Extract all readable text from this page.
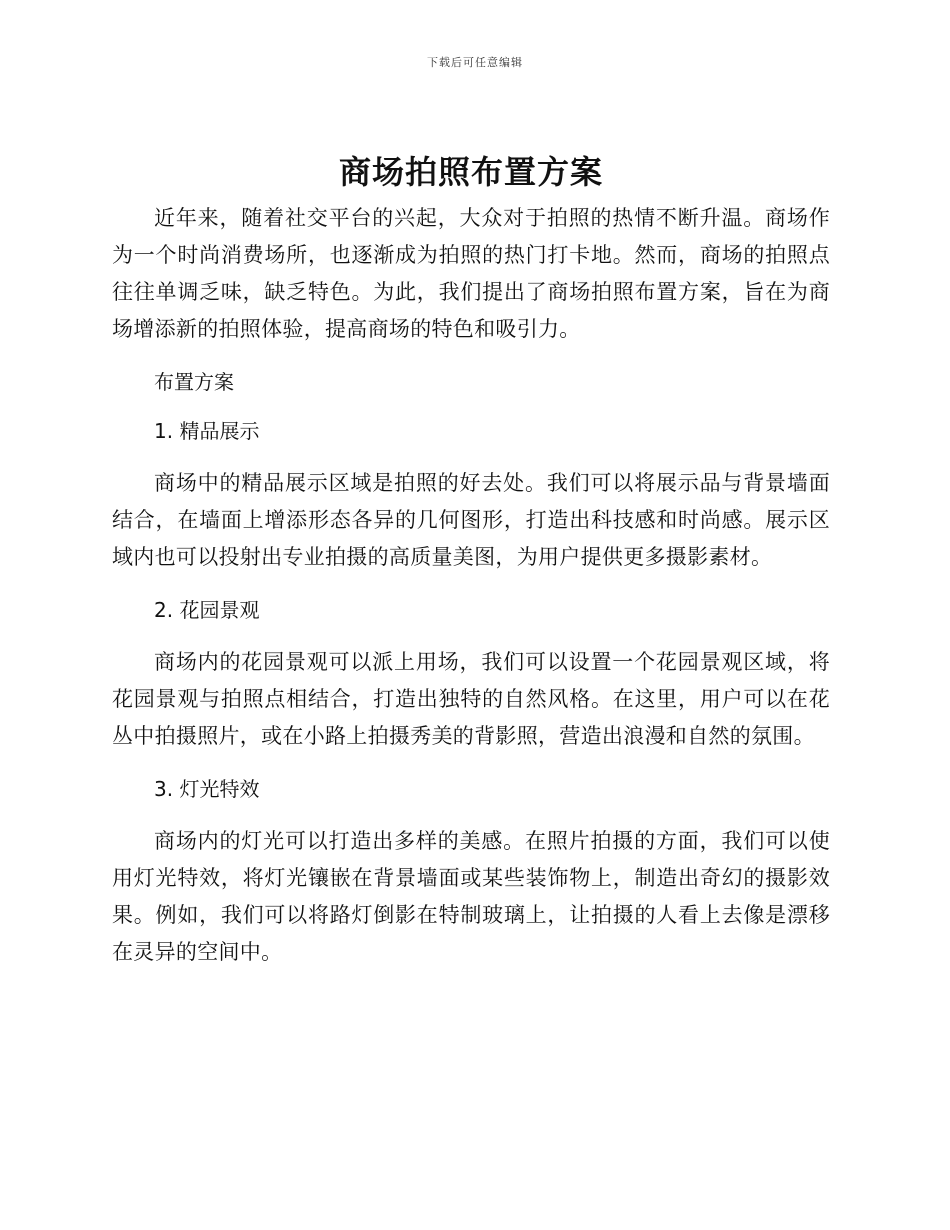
下载后可任意编辑
商场拍照布置方案

近年来，随着社交平台的兴起，大众对于拍照的热情不断升温。商场作为一个时尚消费场所，也逐渐成为拍照的热门打卡地。然而，商场的拍照点往往单调乏味，缺乏特色。为此，我们提出了商场拍照布置方案，旨在为商场增添新的拍照体验，提高商场的特色和吸引力。

布置方案
1. 精品展示

商场中的精品展示区域是拍照的好去处。我们可以将展示品与背景墙面结合，在墙面上增添形态各异的几何图形，打造出科技感和时尚感。展示区域内也可以投射出专业拍摄的高质量美图，为用户提供更多摄影素材。

2. 花园景观

商场内的花园景观可以派上用场，我们可以设置一个花园景观区域，将花园景观与拍照点相结合，打造出独特的自然风格。在这里，用户可以在花丛中拍摄照片，或在小路上拍摄秀美的背影照，营造出浪漫和自然的氛围。

3. 灯光特效

商场内的灯光可以打造出多样的美感。在照片拍摄的方面，我们可以使用灯光特效，将灯光镶嵌在背景墙面或某些装饰物上，制造出奇幻的摄影效果。例如，我们可以将路灯倒影在特制玻璃上，让拍摄的人看上去像是漂移在灵异的空间中。
